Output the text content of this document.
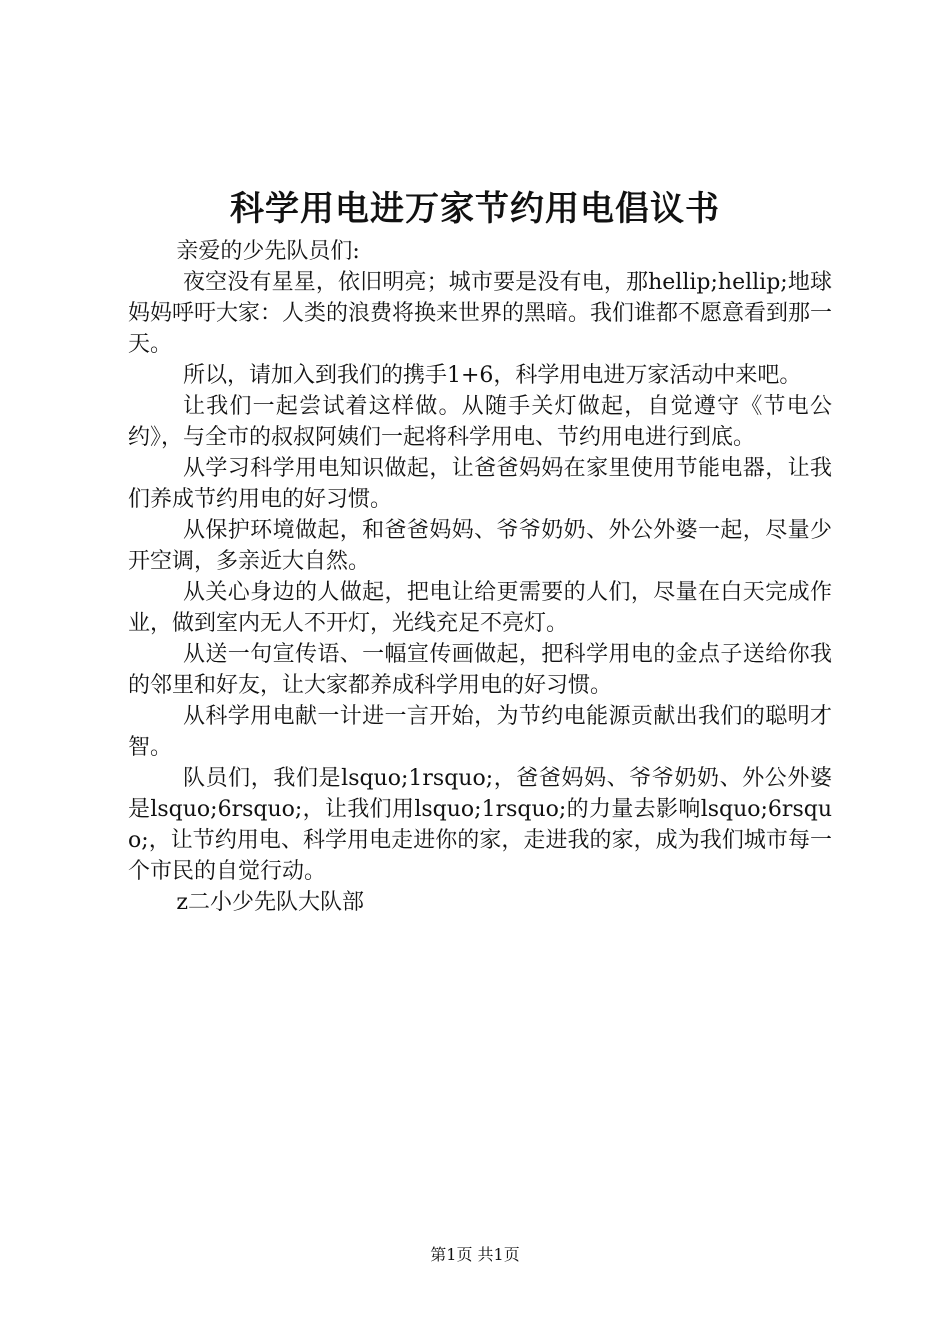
科学用电进万家节约用电倡议书

亲爱的少先队员们:

夜空没有星星，依旧明亮；城市要是没有电，那hellip;hellip;地球妈妈呼吁大家：人类的浪费将换来世界的黑暗。我们谁都不愿意看到那一天。

所以，请加入到我们的携手1+6，科学用电进万家活动中来吧。

让我们一起尝试着这样做。从随手关灯做起，自觉遵守《节电公约》，与全市的叔叔阿姨们一起将科学用电、节约用电进行到底。

从学习科学用电知识做起，让爸爸妈妈在家里使用节能电器，让我们养成节约用电的好习惯。

从保护环境做起，和爸爸妈妈、爷爷奶奶、外公外婆一起，尽量少开空调，多亲近大自然。

从关心身边的人做起，把电让给更需要的人们，尽量在白天完成作业，做到室内无人不开灯，光线充足不亮灯。

从送一句宣传语、一幅宣传画做起，把科学用电的金点子送给你我的邻里和好友，让大家都养成科学用电的好习惯。

从科学用电献一计进一言开始，为节约电能源贡献出我们的聪明才智。

队员们，我们是lsquo;1rsquo;，爸爸妈妈、爷爷奶奶、外公外婆是lsquo;6rsquo;，让我们用lsquo;1rsquo;的力量去影响lsquo;6rsquo;，让节约用电、科学用电走进你的家，走进我的家，成为我们城市每一个市民的自觉行动。

z二小少先队大队部

第1页 共1页
